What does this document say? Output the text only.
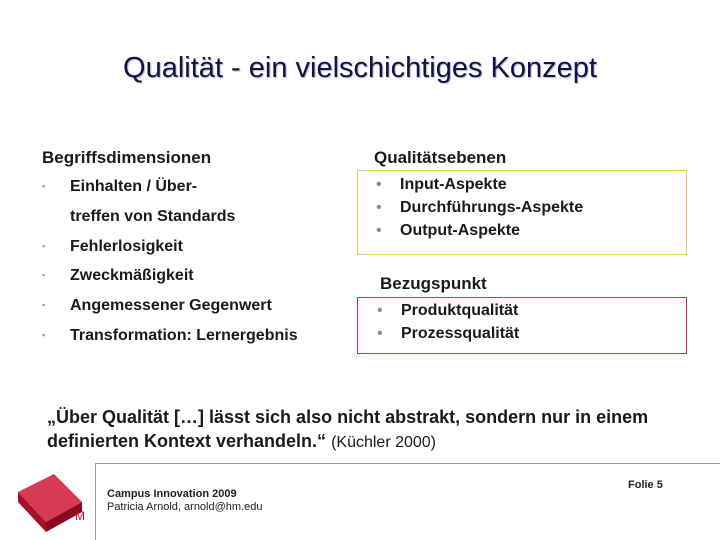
Qualität - ein vielschichtiges Konzept
Begriffsdimensionen
▪ Einhalten / Über-
treffen von Standards
▪ Fehlerlosigkeit
▪ Zweckmäßigkeit
▪ Angemessener Gegenwert
▪ Transformation: Lernergebnis
Qualitätsebenen
• Input-Aspekte
• Durchführungs-Aspekte
• Output-Aspekte
Bezugspunkt
• Produktqualität
• Prozessqualität
„Über Qualität […] lässt sich also nicht abstrakt, sondern nur in einem definierten Kontext verhandeln.“ (Küchler 2000)
M
Campus Innovation 2009
Patricia Arnold, arnold@hm.edu
Folie 5
